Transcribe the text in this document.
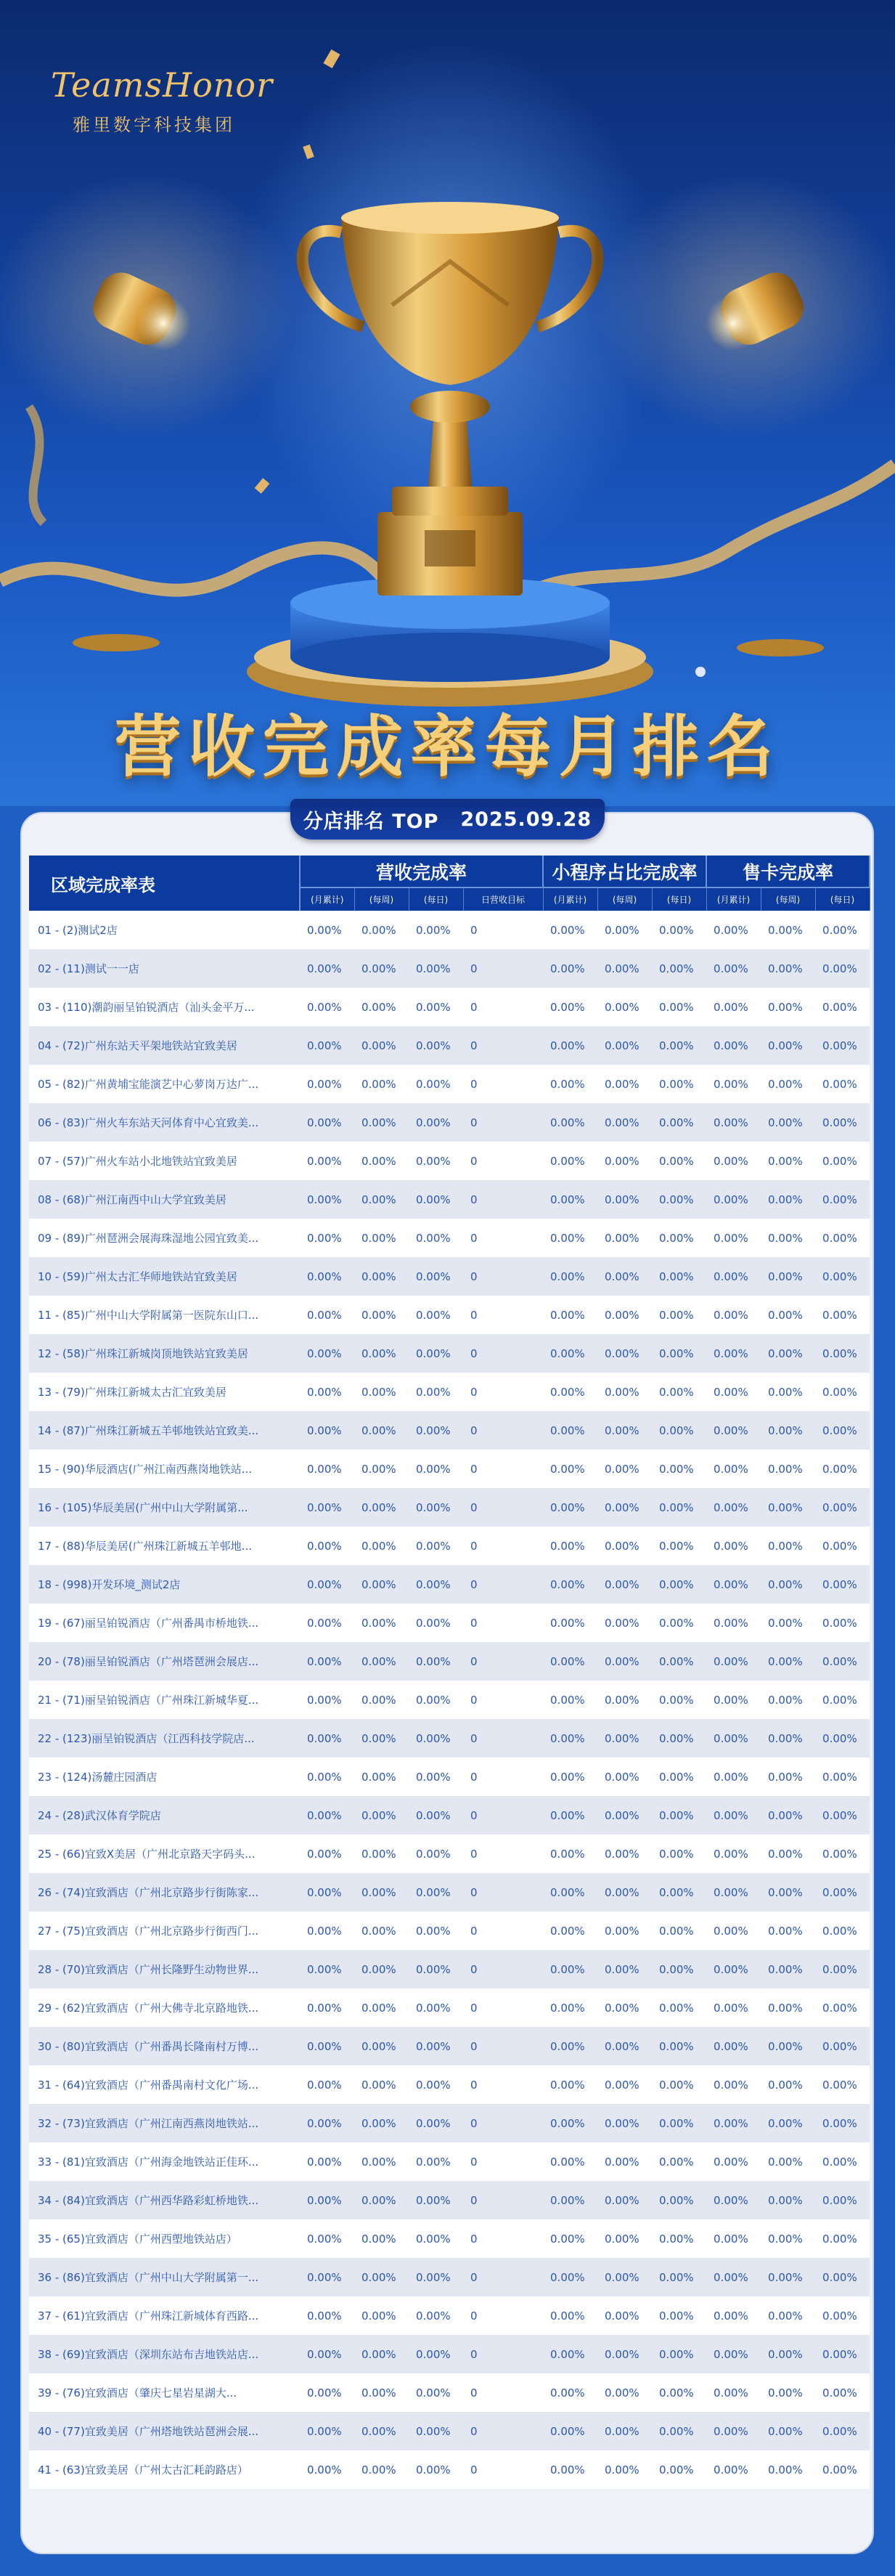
TeamsHonor
雅里数字科技集团
营收完成率每月排名
分店排名 TOP 2025.09.28
区域完成率表	营收完成率				小程序占比完成率			售卡完成率		
	(月累计)	(每周)	(每日)	日营收目标	(月累计)	(每周)	(每日)	(月累计)	(每周)	(每日)
01 - (2)测试2店	0.00%	0.00%	0.00%	0	0.00%	0.00%	0.00%	0.00%	0.00%	0.00%
02 - (11)测试一一店	0.00%	0.00%	0.00%	0	0.00%	0.00%	0.00%	0.00%	0.00%	0.00%
03 - (110)潮韵丽呈铂锐酒店（汕头金平万...	0.00%	0.00%	0.00%	0	0.00%	0.00%	0.00%	0.00%	0.00%	0.00%
04 - (72)广州东站天平架地铁站宜致美居	0.00%	0.00%	0.00%	0	0.00%	0.00%	0.00%	0.00%	0.00%	0.00%
05 - (82)广州黄埔宝能演艺中心萝岗万达广...	0.00%	0.00%	0.00%	0	0.00%	0.00%	0.00%	0.00%	0.00%	0.00%
06 - (83)广州火车东站天河体育中心宜致美...	0.00%	0.00%	0.00%	0	0.00%	0.00%	0.00%	0.00%	0.00%	0.00%
07 - (57)广州火车站小北地铁站宜致美居	0.00%	0.00%	0.00%	0	0.00%	0.00%	0.00%	0.00%	0.00%	0.00%
08 - (68)广州江南西中山大学宜致美居	0.00%	0.00%	0.00%	0	0.00%	0.00%	0.00%	0.00%	0.00%	0.00%
09 - (89)广州琶洲会展海珠湿地公园宜致美...	0.00%	0.00%	0.00%	0	0.00%	0.00%	0.00%	0.00%	0.00%	0.00%
10 - (59)广州太古汇华师地铁站宜致美居	0.00%	0.00%	0.00%	0	0.00%	0.00%	0.00%	0.00%	0.00%	0.00%
11 - (85)广州中山大学附属第一医院东山口...	0.00%	0.00%	0.00%	0	0.00%	0.00%	0.00%	0.00%	0.00%	0.00%
12 - (58)广州珠江新城岗顶地铁站宜致美居	0.00%	0.00%	0.00%	0	0.00%	0.00%	0.00%	0.00%	0.00%	0.00%
13 - (79)广州珠江新城太古汇宜致美居	0.00%	0.00%	0.00%	0	0.00%	0.00%	0.00%	0.00%	0.00%	0.00%
14 - (87)广州珠江新城五羊邨地铁站宜致美...	0.00%	0.00%	0.00%	0	0.00%	0.00%	0.00%	0.00%	0.00%	0.00%
15 - (90)华辰酒店(广州江南西燕岗地铁站...	0.00%	0.00%	0.00%	0	0.00%	0.00%	0.00%	0.00%	0.00%	0.00%
16 - (105)华辰美居(广州中山大学附属第...	0.00%	0.00%	0.00%	0	0.00%	0.00%	0.00%	0.00%	0.00%	0.00%
17 - (88)华辰美居(广州珠江新城五羊邨地...	0.00%	0.00%	0.00%	0	0.00%	0.00%	0.00%	0.00%	0.00%	0.00%
18 - (998)开发环境_测试2店	0.00%	0.00%	0.00%	0	0.00%	0.00%	0.00%	0.00%	0.00%	0.00%
19 - (67)丽呈铂锐酒店（广州番禺市桥地铁...	0.00%	0.00%	0.00%	0	0.00%	0.00%	0.00%	0.00%	0.00%	0.00%
20 - (78)丽呈铂锐酒店（广州塔琶洲会展店...	0.00%	0.00%	0.00%	0	0.00%	0.00%	0.00%	0.00%	0.00%	0.00%
21 - (71)丽呈铂锐酒店（广州珠江新城华夏...	0.00%	0.00%	0.00%	0	0.00%	0.00%	0.00%	0.00%	0.00%	0.00%
22 - (123)丽呈铂锐酒店（江西科技学院店...	0.00%	0.00%	0.00%	0	0.00%	0.00%	0.00%	0.00%	0.00%	0.00%
23 - (124)汤麓庄园酒店	0.00%	0.00%	0.00%	0	0.00%	0.00%	0.00%	0.00%	0.00%	0.00%
24 - (28)武汉体育学院店	0.00%	0.00%	0.00%	0	0.00%	0.00%	0.00%	0.00%	0.00%	0.00%
25 - (66)宜致X美居（广州北京路天字码头...	0.00%	0.00%	0.00%	0	0.00%	0.00%	0.00%	0.00%	0.00%	0.00%
26 - (74)宜致酒店（广州北京路步行街陈家...	0.00%	0.00%	0.00%	0	0.00%	0.00%	0.00%	0.00%	0.00%	0.00%
27 - (75)宜致酒店（广州北京路步行街西门...	0.00%	0.00%	0.00%	0	0.00%	0.00%	0.00%	0.00%	0.00%	0.00%
28 - (70)宜致酒店（广州长隆野生动物世界...	0.00%	0.00%	0.00%	0	0.00%	0.00%	0.00%	0.00%	0.00%	0.00%
29 - (62)宜致酒店（广州大佛寺北京路地铁...	0.00%	0.00%	0.00%	0	0.00%	0.00%	0.00%	0.00%	0.00%	0.00%
30 - (80)宜致酒店（广州番禺长隆南村万博...	0.00%	0.00%	0.00%	0	0.00%	0.00%	0.00%	0.00%	0.00%	0.00%
31 - (64)宜致酒店（广州番禺南村文化广场...	0.00%	0.00%	0.00%	0	0.00%	0.00%	0.00%	0.00%	0.00%	0.00%
32 - (73)宜致酒店（广州江南西燕岗地铁站...	0.00%	0.00%	0.00%	0	0.00%	0.00%	0.00%	0.00%	0.00%	0.00%
33 - (81)宜致酒店（广州海金地铁站正佳环...	0.00%	0.00%	0.00%	0	0.00%	0.00%	0.00%	0.00%	0.00%	0.00%
34 - (84)宜致酒店（广州西华路彩虹桥地铁...	0.00%	0.00%	0.00%	0	0.00%	0.00%	0.00%	0.00%	0.00%	0.00%
35 - (65)宜致酒店（广州西塱地铁站店）	0.00%	0.00%	0.00%	0	0.00%	0.00%	0.00%	0.00%	0.00%	0.00%
36 - (86)宜致酒店（广州中山大学附属第一...	0.00%	0.00%	0.00%	0	0.00%	0.00%	0.00%	0.00%	0.00%	0.00%
37 - (61)宜致酒店（广州珠江新城体育西路...	0.00%	0.00%	0.00%	0	0.00%	0.00%	0.00%	0.00%	0.00%	0.00%
38 - (69)宜致酒店（深圳东站布吉地铁站店...	0.00%	0.00%	0.00%	0	0.00%	0.00%	0.00%	0.00%	0.00%	0.00%
39 - (76)宜致酒店（肇庆七星岩星湖大...	0.00%	0.00%	0.00%	0	0.00%	0.00%	0.00%	0.00%	0.00%	0.00%
40 - (77)宜致美居（广州塔地铁站琶洲会展...	0.00%	0.00%	0.00%	0	0.00%	0.00%	0.00%	0.00%	0.00%	0.00%
41 - (63)宜致美居（广州太古汇耗韵路店）	0.00%	0.00%	0.00%	0	0.00%	0.00%	0.00%	0.00%	0.00%	0.00%
